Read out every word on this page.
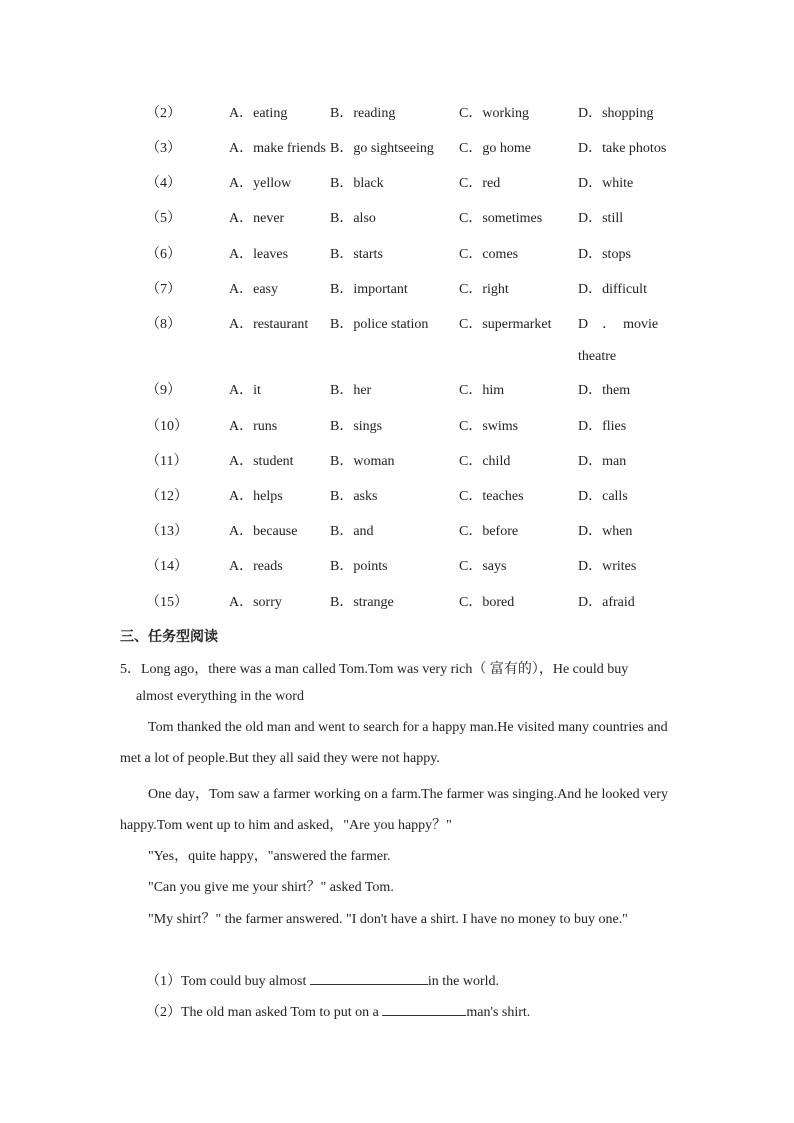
（2）	A．eating	B．reading	C．working	D．shopping
（3）	A．make friends B．go sightseeing C．go home	D．take photos
（4）	A．yellow	B．black	C．red	D．white
（5）	A．never	B．also	C．sometimes	D．still
（6）	A．leaves	B．starts	C．comes	D．stops
（7）	A．easy	B．important	C．right	D．difficult
（8）	A．restaurant B．police station C．supermarket D　．　movie
theatre
（9）	A．it	B．her	C．him	D．them
（10）	A．runs	B．sings	C．swims	D．flies
（11）	A．student	B．woman	C．child	D．man
（12）	A．helps	B．asks	C．teaches	D．calls
（13）	A．because B．and	C．before	D．when
（14）	A．reads	B．points	C．says	D．writes
（15）	A．sorry	B．strange	C．bored	D．afraid
三、任务型阅读
5．Long ago，there was a man called Tom.Tom was very rich（ 富有的），He could buy
almost everything in the word
Tom thanked the old man and went to search for a happy man.He visited many countries and
met a lot of people.But they all said they were not happy.
One day，Tom saw a farmer working on a farm.The farmer was singing.And he looked very
happy.Tom went up to him and asked，"Are you happy？"
"Yes，quite happy，"answered the farmer.
"Can you give me your shirt？" asked Tom.
"My shirt？" the farmer answered. "I don't have a shirt. I have no money to buy one."
（1）Tom could buy almost	in the world.
（2）The old man asked Tom to put on a	man's shirt.
